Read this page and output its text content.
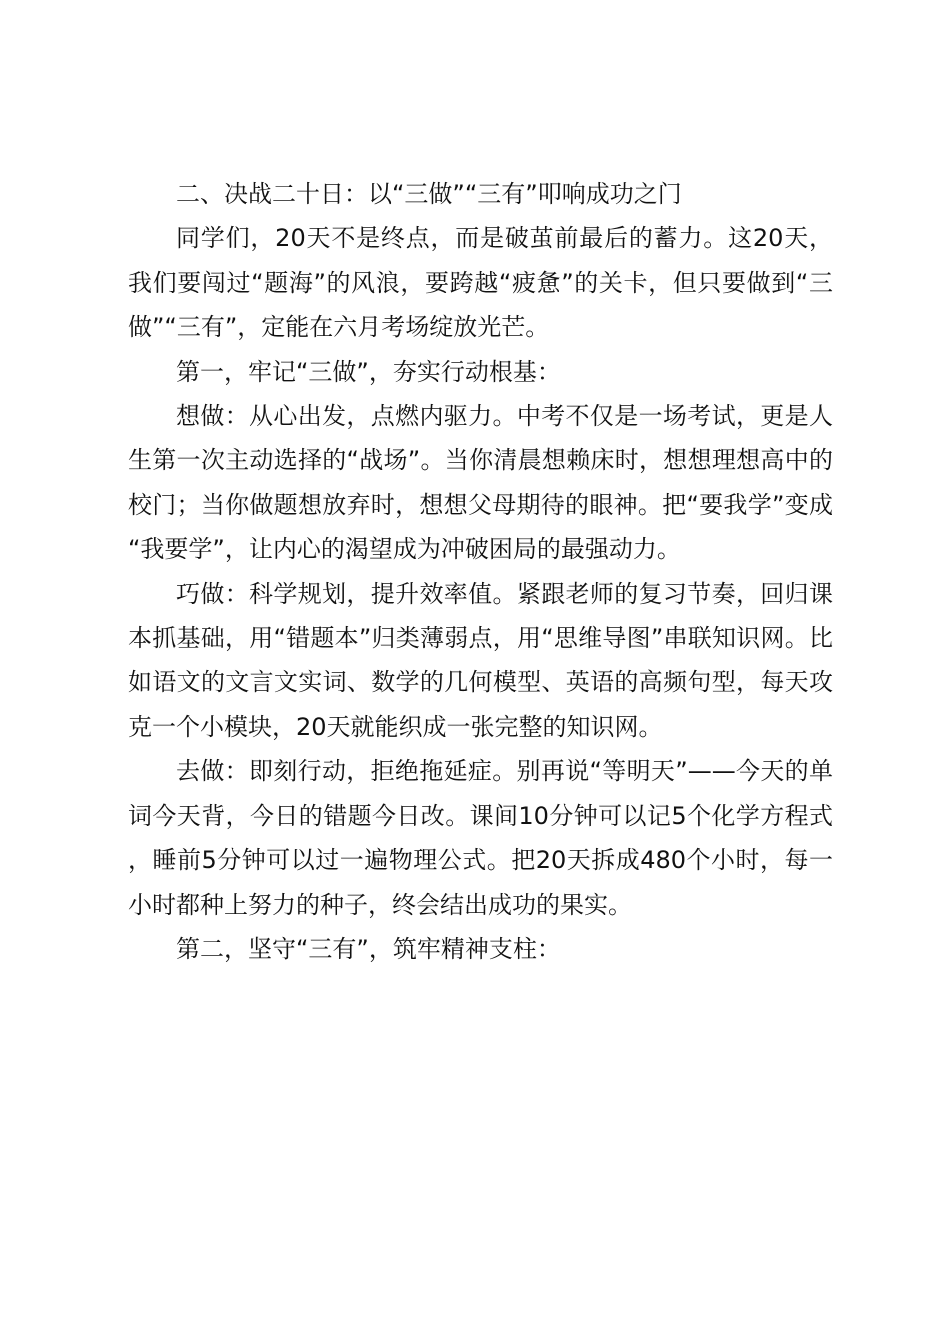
二、决战二十日：以“三做”“三有”叩响成功之门

同学们，20天不是终点，而是破茧前最后的蓄力。这20天，我们要闯过“题海”的风浪，要跨越“疲惫”的关卡，但只要做到“三做”“三有”，定能在六月考场绽放光芒。

第一，牢记“三做”，夯实行动根基：

想做：从心出发，点燃内驱力。中考不仅是一场考试，更是人生第一次主动选择的“战场”。当你清晨想赖床时，想想理想高中的校门；当你做题想放弃时，想想父母期待的眼神。把“要我学”变成“我要学”，让内心的渴望成为冲破困局的最强动力。

巧做：科学规划，提升效率值。紧跟老师的复习节奏，回归课本抓基础，用“错题本”归类薄弱点，用“思维导图”串联知识网。比如语文的文言文实词、数学的几何模型、英语的高频句型，每天攻克一个小模块，20天就能织成一张完整的知识网。

去做：即刻行动，拒绝拖延症。别再说“等明天”——今天的单词今天背，今日的错题今日改。课间10分钟可以记5个化学方程式，睡前5分钟可以过一遍物理公式。把20天拆成480个小时，每一小时都种上努力的种子，终会结出成功的果实。

第二，坚守“三有”，筑牢精神支柱：
